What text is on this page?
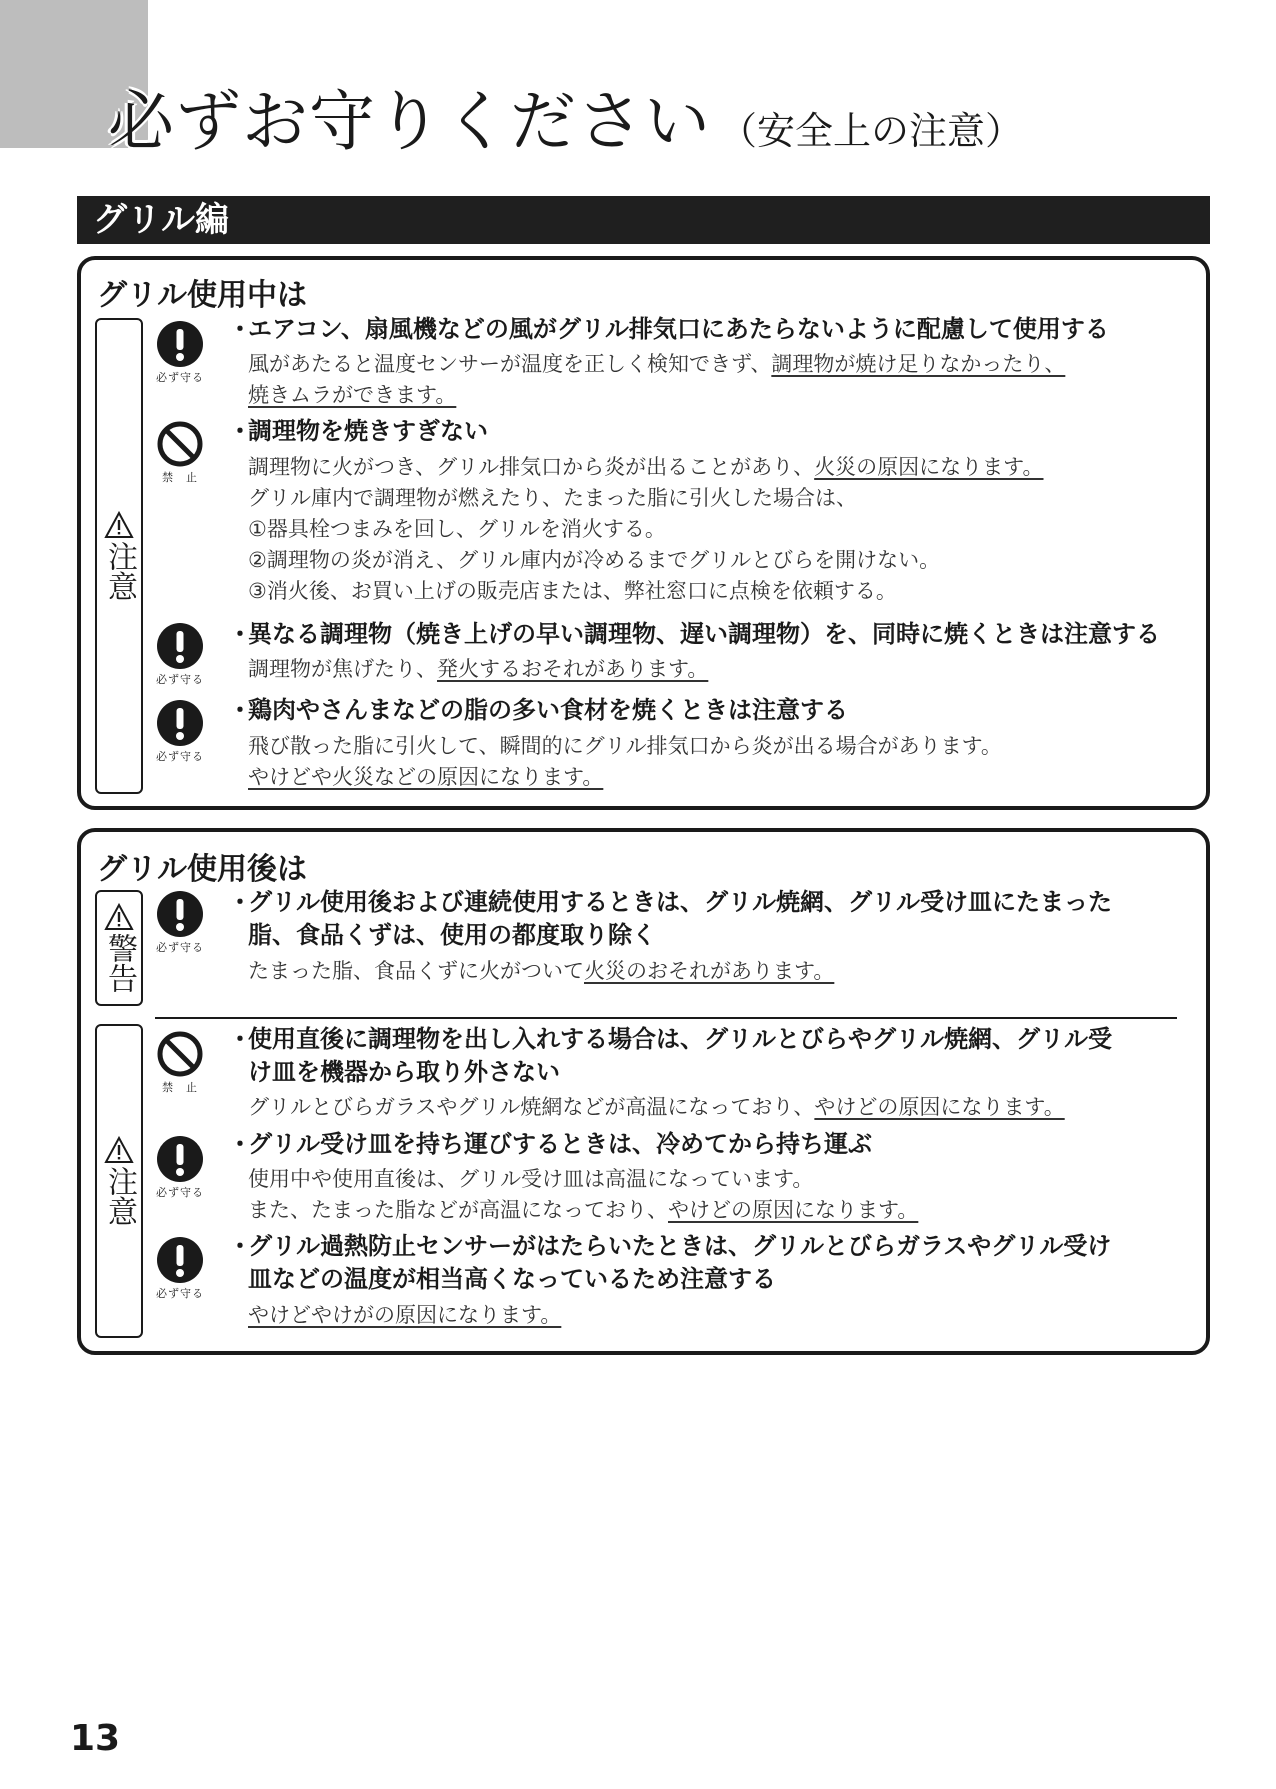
必ずお守りください （安全上の注意）
グリル編
グリル使用中は
注意
必ず守る
・
エアコン、扇風機などの風がグリル排気口にあたらないように配慮して使用する
風があたると温度センサーが温度を正しく検知できず、調理物が焼け足りなかったり、
焼きムラができます。
禁　止
・
調理物を焼きすぎない
調理物に火がつき、グリル排気口から炎が出ることがあり、火災の原因になります。
グリル庫内で調理物が燃えたり、たまった脂に引火した場合は、
①器具栓つまみを回し、グリルを消火する。
②調理物の炎が消え、グリル庫内が冷めるまでグリルとびらを開けない。
③消火後、お買い上げの販売店または、弊社窓口に点検を依頼する。
必ず守る
・
異なる調理物（焼き上げの早い調理物、遅い調理物）を、同時に焼くときは注意する
調理物が焦げたり、発火するおそれがあります。
必ず守る
・
鶏肉やさんまなどの脂の多い食材を焼くときは注意する
飛び散った脂に引火して、瞬間的にグリル排気口から炎が出る場合があります。
やけどや火災などの原因になります。
グリル使用後は
警告	必ず守る
・
グリル使用後および連続使用するときは、グリル焼網、グリル受け皿にたまった
脂、食品くずは、使用の都度取り除く
たまった脂、食品くずに火がついて火災のおそれがあります。
注意
禁　止
・
使用直後に調理物を出し入れする場合は、グリルとびらやグリル焼網、グリル受
け皿を機器から取り外さない
グリルとびらガラスやグリル焼網などが高温になっており、やけどの原因になります。
必ず守る
・
グリル受け皿を持ち運びするときは、冷めてから持ち運ぶ
使用中や使用直後は、グリル受け皿は高温になっています。
また、たまった脂などが高温になっており、やけどの原因になります。
必ず守る
・
グリル過熱防止センサーがはたらいたときは、グリルとびらガラスやグリル受け
皿などの温度が相当高くなっているため注意する
やけどやけがの原因になります。
13
